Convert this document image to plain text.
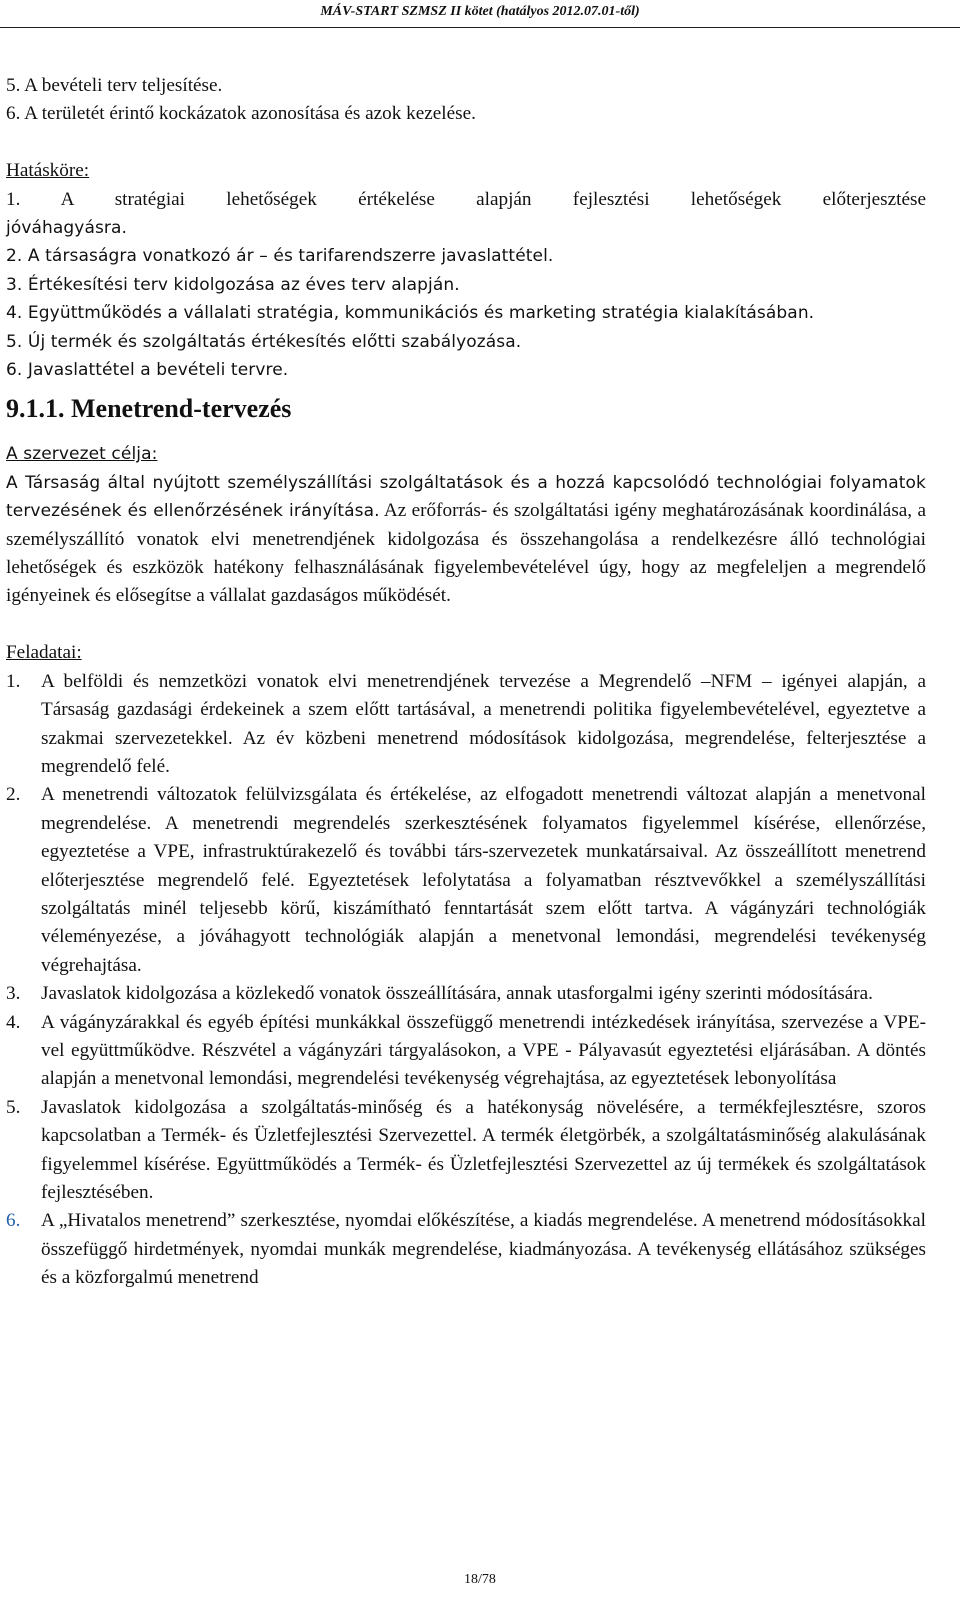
MÁV-START SZMSZ II kötet (hatályos 2012.07.01-től)

5. A bevételi terv teljesítése.

6. A területét érintő kockázatok azonosítása és azok kezelése.

Hatásköre:

1. A stratégiai lehetőségek értékelése alapján fejlesztési lehetőségek előterjesztése

jóváhagyásra.

2. A társaságra vonatkozó ár – és tarifarendszerre javaslattétel.

3. Értékesítési terv kidolgozása az éves terv alapján.

4. Együttműködés a vállalati stratégia, kommunikációs és marketing stratégia kialakításában.

5. Új termék és szolgáltatás értékesítés előtti szabályozása.

6. Javaslattétel a bevételi tervre.

9.1.1. Menetrend-tervezés

A szervezet célja:

A Társaság által nyújtott személyszállítási szolgáltatások és a hozzá kapcsolódó technológiai folyamatok tervezésének és ellenőrzésének irányítása. Az erőforrás- és szolgáltatási igény meghatározásának koordinálása, a személyszállító vonatok elvi menetrendjének kidolgozása és összehangolása a rendelkezésre álló technológiai lehetőségek és eszközök hatékony felhasználásának figyelembevételével úgy, hogy az megfeleljen a megrendelő igényeinek és elősegítse a vállalat gazdaságos működését.

Feladatai:

1. A belföldi és nemzetközi vonatok elvi menetrendjének tervezése a Megrendelő –NFM – igényei alapján, a Társaság gazdasági érdekeinek a szem előtt tartásával, a menetrendi politika figyelembevételével, egyeztetve a szakmai szervezetekkel. Az év közbeni menetrend módosítások kidolgozása, megrendelése, felterjesztése a megrendelő felé.
2. A menetrendi változatok felülvizsgálata és értékelése, az elfogadott menetrendi változat alapján a menetvonal megrendelése. A menetrendi megrendelés szerkesztésének folyamatos figyelemmel kísérése, ellenőrzése, egyeztetése a VPE, infrastruktúrakezelő és további társ-szervezetek munkatársaival. Az összeállított menetrend előterjesztése megrendelő felé. Egyeztetések lefolytatása a folyamatban résztvevőkkel a személyszállítási szolgáltatás minél teljesebb körű, kiszámítható fenntartását szem előtt tartva. A vágányzári technológiák véleményezése, a jóváhagyott technológiák alapján a menetvonal lemondási, megrendelési tevékenység végrehajtása.
3. Javaslatok kidolgozása a közlekedő vonatok összeállítására, annak utasforgalmi igény szerinti módosítására.
4. A vágányzárakkal és egyéb építési munkákkal összefüggő menetrendi intézkedések irányítása, szervezése a VPE-vel együttműködve. Részvétel a vágányzári tárgyalásokon, a VPE - Pályavasút egyeztetési eljárásában. A döntés alapján a menetvonal lemondási, megrendelési tevékenység végrehajtása, az egyeztetések lebonyolítása
5. Javaslatok kidolgozása a szolgáltatás-minőség és a hatékonyság növelésére, a termékfejlesztésre, szoros kapcsolatban a Termék- és Üzletfejlesztési Szervezettel. A termék életgörbék, a szolgáltatásminőség alakulásának figyelemmel kísérése. Együttműködés a Termék- és Üzletfejlesztési Szervezettel az új termékek és szolgáltatások fejlesztésében.
6. A „Hivatalos menetrend” szerkesztése, nyomdai előkészítése, a kiadás megrendelése. A menetrend módosításokkal összefüggő hirdetmények, nyomdai munkák megrendelése, kiadmányozása. A tevékenység ellátásához szükséges és a közforgalmú menetrend
18/78
